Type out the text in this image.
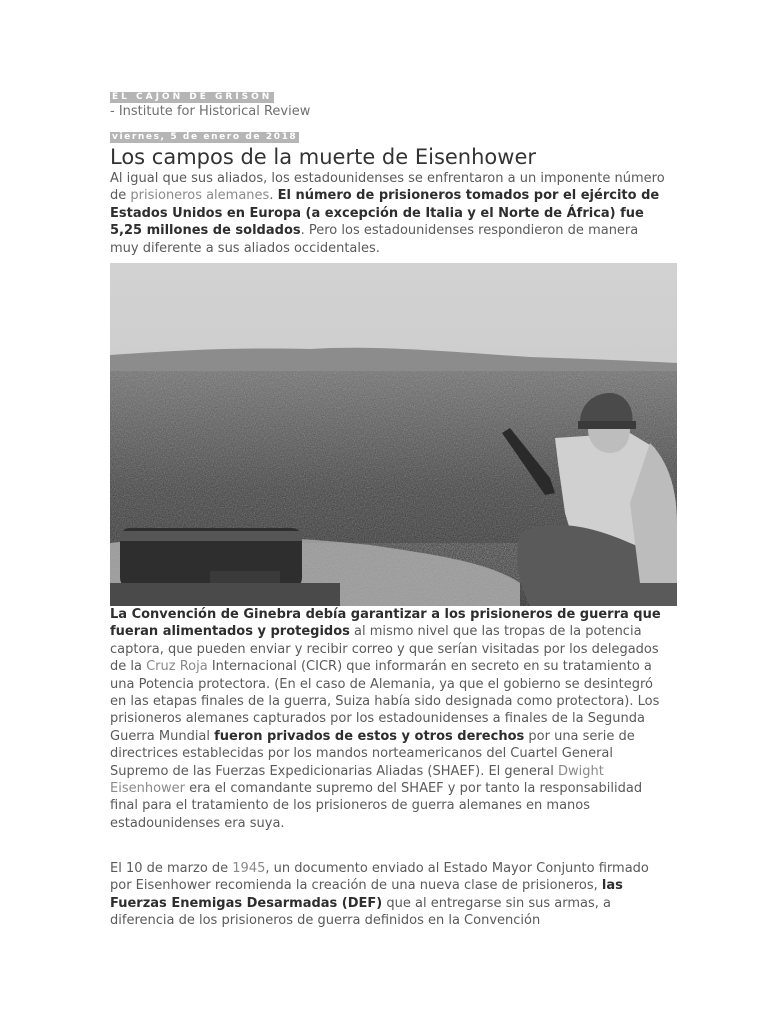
EL CAJON DE GRISON
- Institute for Historical Review
viernes, 5 de enero de 2018
Los campos de la muerte de Eisenhower

Al igual que sus aliados, los estadounidenses se enfrentaron a un imponente número de prisioneros alemanes. El número de prisioneros tomados por el ejército de Estados Unidos en Europa (a excepción de Italia y el Norte de África) fue 5,25 millones de soldados. Pero los estadounidenses respondieron de manera muy diferente a sus aliados occidentales.

La Convención de Ginebra debía garantizar a los prisioneros de guerra que fueran alimentados y protegidos al mismo nivel que las tropas de la potencia captora, que pueden enviar y recibir correo y que serían visitadas por los delegados de la Cruz Roja Internacional (CICR) que informarán en secreto en su tratamiento a una Potencia protectora. (En el caso de Alemania, ya que el gobierno se desintegró en las etapas finales de la guerra, Suiza había sido designada como protectora). Los prisioneros alemanes capturados por los estadounidenses a finales de la Segunda Guerra Mundial fueron privados de estos y otros derechos por una serie de directrices establecidas por los mandos norteamericanos del Cuartel General Supremo de las Fuerzas Expedicionarias Aliadas (SHAEF). El general Dwight Eisenhower era el comandante supremo del SHAEF y por tanto la responsabilidad final para el tratamiento de los prisioneros de guerra alemanes en manos estadounidenses era suya.

El 10 de marzo de 1945, un documento enviado al Estado Mayor Conjunto firmado por Eisenhower recomienda la creación de una nueva clase de prisioneros, las Fuerzas Enemigas Desarmadas (DEF) que al entregarse sin sus armas, a diferencia de los prisioneros de guerra definidos en la Convención
